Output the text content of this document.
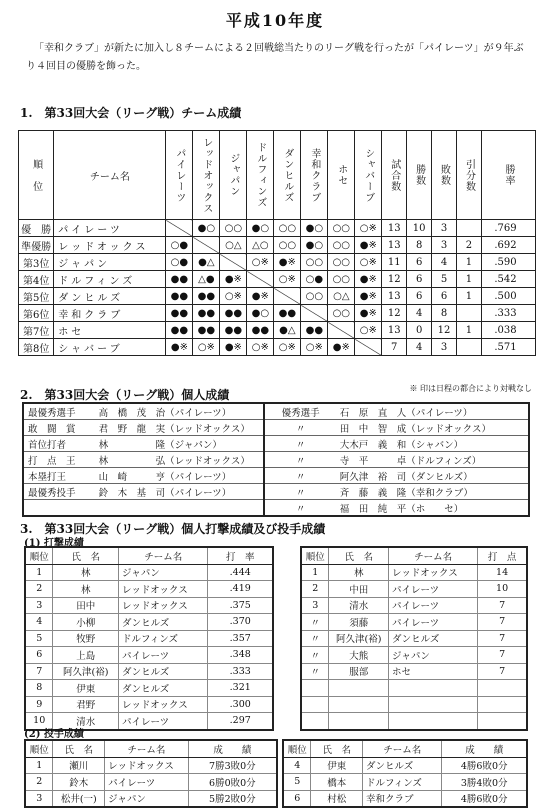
平成10年度
「幸和クラブ」が新たに加入し８チームによる２回戦総当たりのリーグ戦を行ったが「パイレーツ」が９年ぶり４回目の優勝を飾った。
1.　第33回大会（リーグ戦）チーム成績
順　位	チーム名	パイレーツ	レッドオックス	ジャパン	ドルフィンズ	ダンヒルズ	幸和クラブ	ホセ	シャバーブ	試合数	勝数	敗数	引分数	勝率

優　勝	パイレーツ		●○	○○	●○	○○	●○	○○	○※	13	10	3		.769
準優勝	レッドオックス	○●		○△	△○	○○	●○	○○	●※	13	8	3	2	.692
第3位	ジャパン	○●	●△		○※	●※	○○	○○	○※	11	6	4	1	.590
第4位	ドルフィンズ	●●	△●	●※		○※	○●	○○	●※	12	6	5	1	.542
第5位	ダンヒルズ	●●	●●	○※	●※		○○	○△	●※	13	6	6	1	.500
第6位	幸和クラブ	●●	●●	●●	●○	●●		○○	●※	12	4	8		.333
第7位	ホセ	●●	●●	●●	●●	●△	●●		○※	13	0	12	1	.038
第8位	シャバーブ	●※	○※	●※	○※	○※	○※	●※		7	4	3		.571
※ 印は日程の都合により対戦なし
2.　第33回大会（リーグ戦）個人成績
最優秀選手	高　橋　茂　治（パイレーツ）	優秀選手	石　原　直　人（パイレーツ）
敢　闘　賞	君　野　龍　実（レッドオックス）	〃	田　中　智　成（レッドオックス）
首位打者	林　　　　　隆（ジャパン）	〃	大木戸　義　和（シャバン）
打　点　王	林　　　　　弘（レッドオックス）	〃	寺　平　　　卓（ドルフィンズ）
本塁打王	山　崎　　　亨（パイレーツ）	〃	阿久津　裕　司（ダンヒルズ）
最優秀投手	鈴　木　基　司（パイレーツ）	〃	斉　藤　義　隆（幸和クラブ）
		〃	福　田　純　平（ホ　　セ）
3.　第33回大会（リーグ戦）個人打撃成績及び投手成績
(1) 打撃成績
順位	氏　名	チーム名	打　率
1	林	ジャパン	.444
2	林	レッドオックス	.419
3	田中	レッドオックス	.375
4	小柳	ダンヒルズ	.370
5	牧野	ドルフィンズ	.357
6	上島	パイレーツ	.348
7	阿久津(裕)	ダンヒルズ	.333
8	伊東	ダンヒルズ	.321
9	君野	レッドオックス	.300
10	清水	パイレーツ	.297
順位	氏　名	チーム名	打　点
1	林	レッドオックス	14
2	中田	パイレーツ	10
3	清水	パイレーツ	7
〃	須藤	パイレーツ	7
〃	阿久津(裕)	ダンヒルズ	7
〃	大熊	ジャパン	7
〃	服部	ホセ	7

(2) 投手成績
順位	氏　名	チーム名	成　　績
1	瀬川	レッドオックス	7勝3敗0分
2	鈴木	パイレーツ	6勝0敗0分
3	松井(一)	ジャパン	5勝2敗0分
順位	氏　名	チーム名	成　　績
4	伊東	ダンヒルズ	4勝6敗0分
5	橋本	ドルフィンズ	3勝4敗0分
6	村松	幸和クラブ	4勝6敗0分
